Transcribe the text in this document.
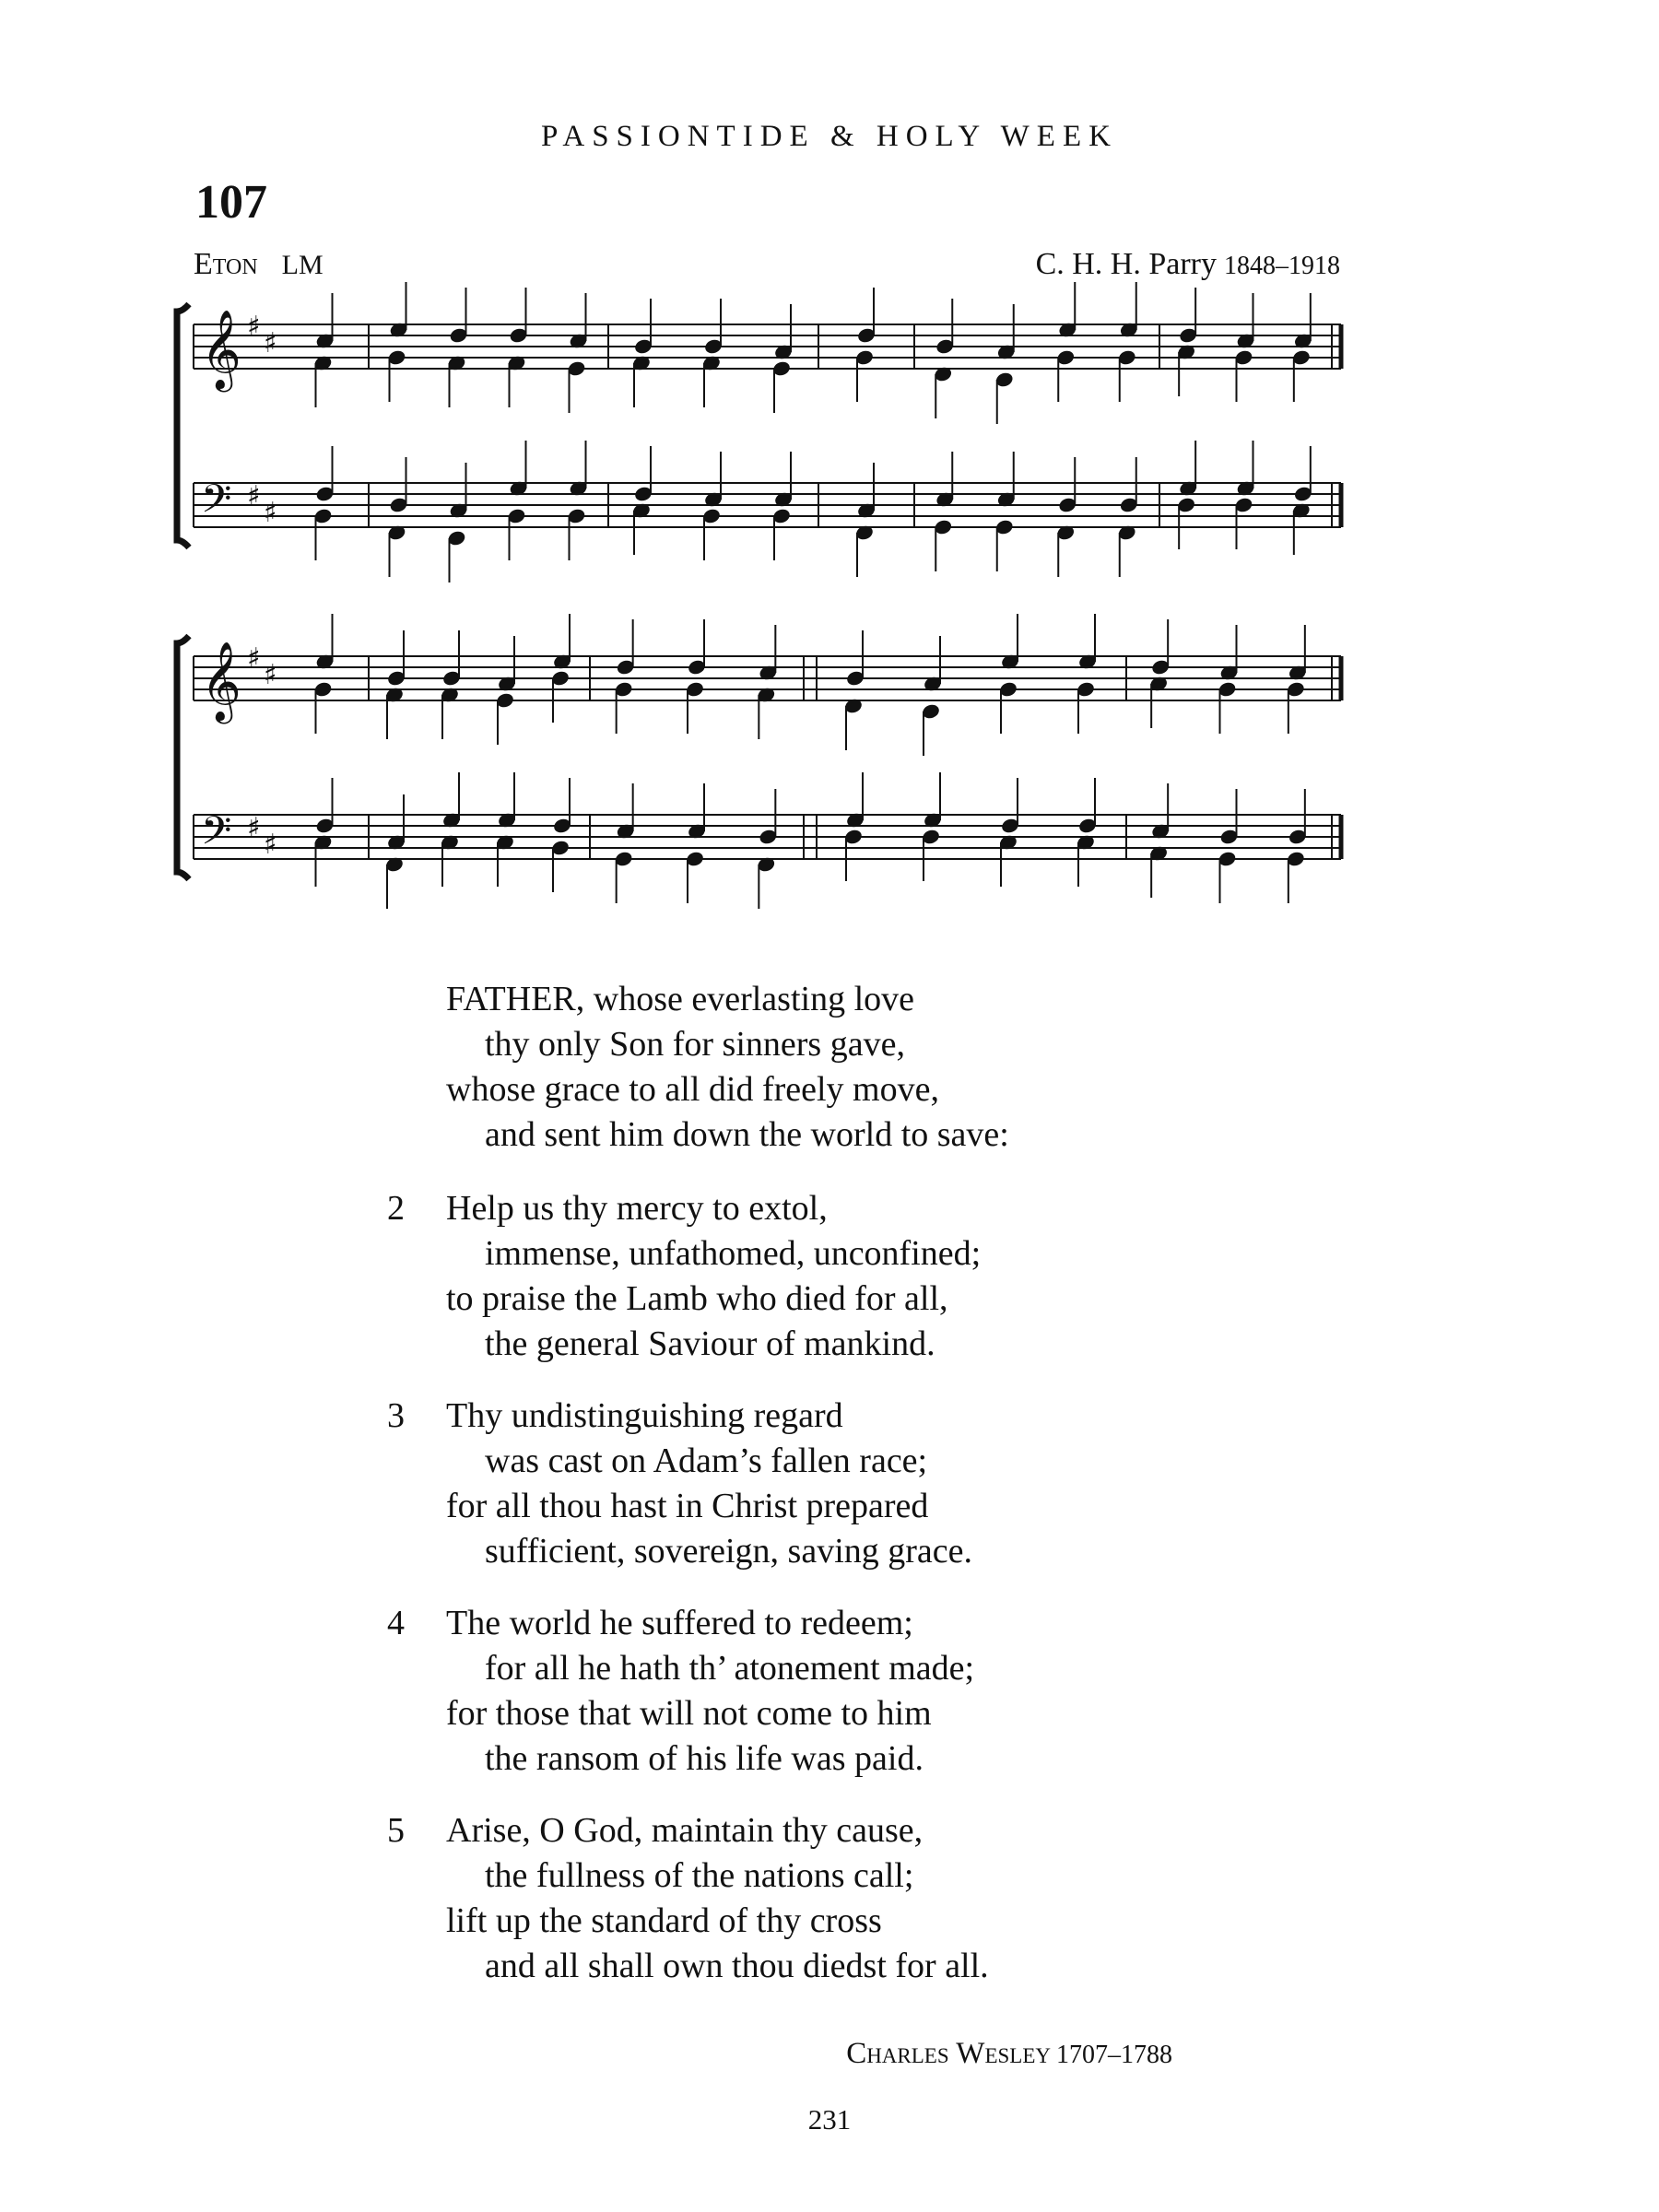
PASSIONTIDE & HOLY WEEK
107
Eton LM	C. H. H. Parry 1848–1918
𝄞 ♯
♯
𝄢 ♯
♯
𝄞 ♯
♯
𝄢 ♯
♯
FATHER, whose everlasting love
thy only Son for sinners gave,
whose grace to all did freely move,
and sent him down the world to save:
2	Help us thy mercy to extol,
immense, unfathomed, unconfined;
to praise the Lamb who died for all,
the general Saviour of mankind.
3	Thy undistinguishing regard
was cast on Adam’s fallen race;
for all thou hast in Christ prepared
sufficient, sovereign, saving grace.
4	The world he suffered to redeem;
for all he hath th’ atonement made;
for those that will not come to him
the ransom of his life was paid.
5	Arise, O God, maintain thy cause,
the fullness of the nations call;
lift up the standard of thy cross
and all shall own thou diedst for all.
Charles Wesley 1707–1788
231
